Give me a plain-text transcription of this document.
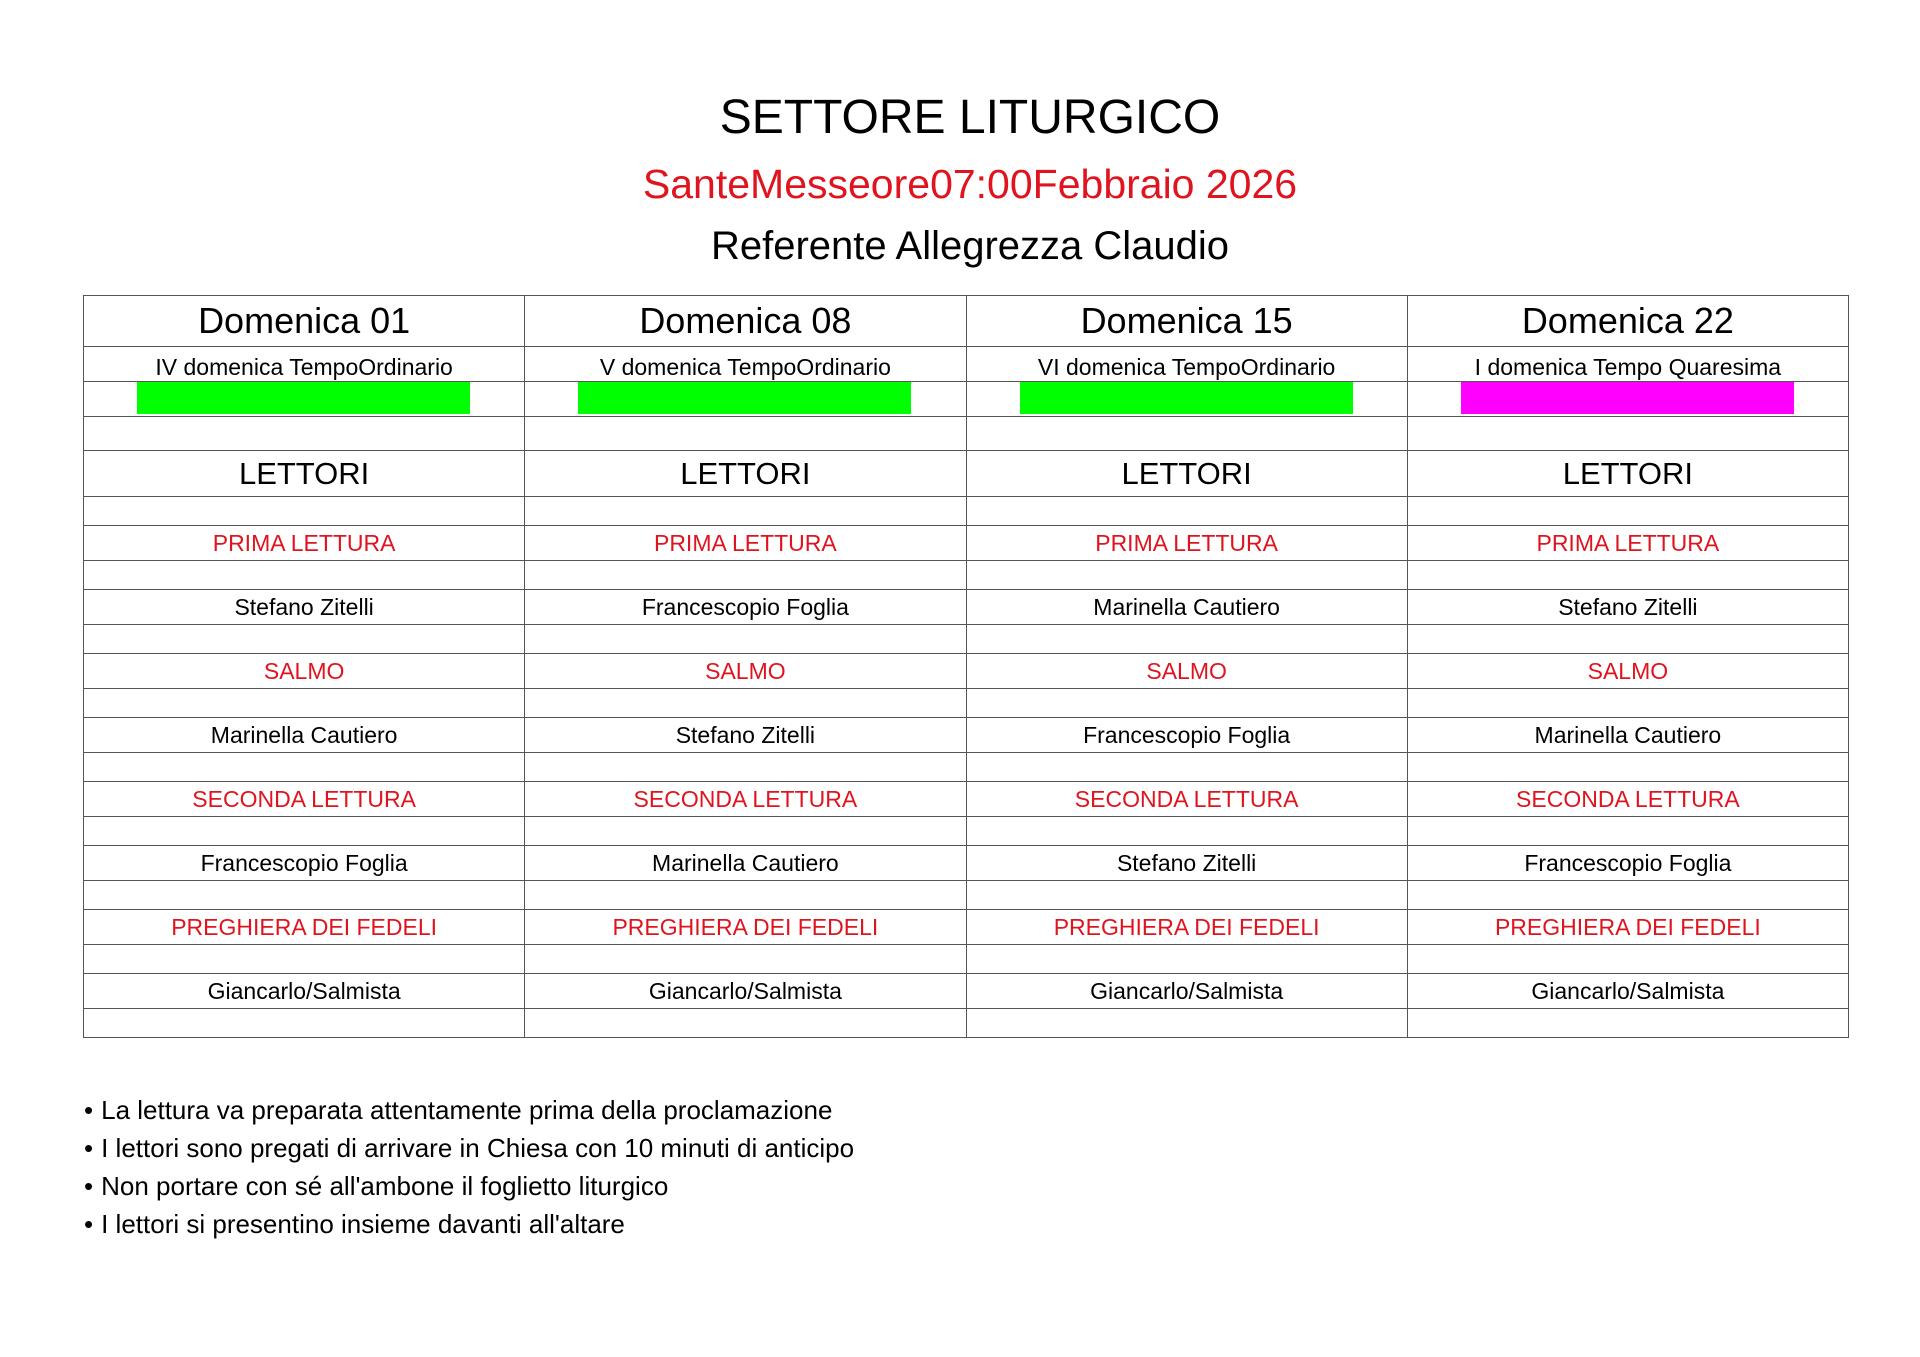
SETTORE LITURGICO
SanteMesseore07:00Febbraio 2026
Referente Allegrezza Claudio
Domenica 01	Domenica 08	Domenica 15	Domenica 22
IV domenica TempoOrdinario	V domenica TempoOrdinario	VI domenica TempoOrdinario	I domenica Tempo Quaresima

LETTORI	LETTORI	LETTORI	LETTORI

PRIMA LETTURA	PRIMA LETTURA	PRIMA LETTURA	PRIMA LETTURA

Stefano Zitelli	Francescopio Foglia	Marinella Cautiero	Stefano Zitelli

SALMO	SALMO	SALMO	SALMO

Marinella Cautiero	Stefano Zitelli	Francescopio Foglia	Marinella Cautiero

SECONDA LETTURA	SECONDA LETTURA	SECONDA LETTURA	SECONDA LETTURA

Francescopio Foglia	Marinella Cautiero	Stefano Zitelli	Francescopio Foglia

PREGHIERA DEI FEDELI	PREGHIERA DEI FEDELI	PREGHIERA DEI FEDELI	PREGHIERA DEI FEDELI

Giancarlo/Salmista	Giancarlo/Salmista	Giancarlo/Salmista	Giancarlo/Salmista

• La lettura va preparata attentamente prima della proclamazione
• I lettori sono pregati di arrivare in Chiesa con 10 minuti di anticipo
• Non portare con sé all'ambone il foglietto liturgico
• I lettori si presentino insieme davanti all'altare
